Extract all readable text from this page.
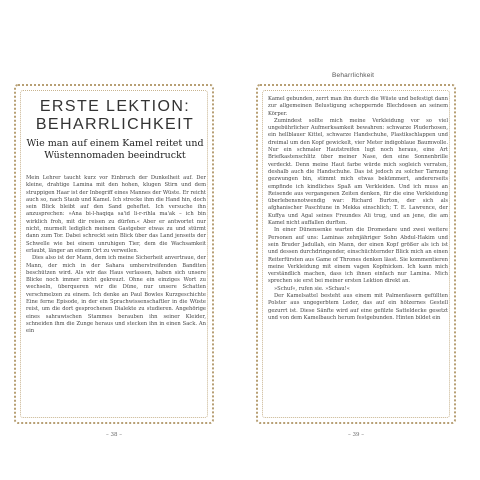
ERSTE LEKTION:
BEHARRLICHKEIT
Wie man auf einem Kamel reitet und Wüstennomaden beeindruckt

Mein Lehrer taucht kurz vor Einbruch der Dunkelheit auf. Der kleine, drahtige Lamina mit den hohen, klugen Stirn und dem struppigen Haar ist der Inbegriff eines Mannes der Wüste. Er reicht auch so, nach Staub und Kamel. Ich strecke ihm die Hand hin, doch sein Blick bleibt auf den Sand geheftet. Ich versuche ihn anzusprechen: »Ana bi-l-haqiqa sa'id li-r-rihla ma'ak – ich bin wirklich froh, mit dir reisen zu dürfen.« Aber er antwortet nur nicht, murmelt lediglich meinem Gastgeber etwas zu und stürmt dann zum Tor. Dabei schreckt sein Blick über das Land jenseits der Schwelle wie bei einem unruhigen Tier, dem die Wachsamkeit erlaubt, länger an einem Ort zu verweilen.

Dies also ist der Mann, dem ich meine Sicherheit anvertraue, der Mann, der mich in der Sahara umherstreifenden Banditen beschützen wird. Als wir das Haus verlassen, haben sich unsere Blicke noch immer nicht gekreuzt. Ohne ein einziges Wort zu wechseln, überqueren wir die Düne, nur unsere Schatten verschmelzen zu einem. Ich denke an Paul Bowles Kurzgeschichte Eine ferne Episode, in der ein Sprachwissenschaftler in die Wüste reist, um die dort gesprochenen Dialekte zu studieren. Angehörige eines sahrawischen Stammes berauben ihn seiner Kleider, schneiden ihm die Zunge heraus und stecken ihn in einen Sack. An ein

– 38 –
Beharrlichkeit

Kamel gebunden, zerrt man ihn durch die Wüste und befestigt dann zur allgemeinen Belustigung scheppernde Blechdosen an seinem Körper.

Zumindest sollte mich meine Verkleidung vor so viel ungebührlicher Aufmerksamkeit bewahren: schwarze Pluderhosen, ein hellblauer Kittel, schwarze Handschuhe, Plastikschlappen und dreimal um den Kopf gewickelt, vier Meter indigoblaue Baumwolle. Nur ein schmaler Hautstreifen lugt noch heraus, eine Art Briefkastenschlitz über meiner Nase, den eine Sonnenbrille verdeckt. Denn meine Haut farbe würde mich sogleich verraten, deshalb auch die Handschuhe. Das ist jedoch zu solcher Tarnung gezwungen bin, stimmt mich etwas bekümmert, andererseits empfinde ich kindliches Spaß am Verkleiden. Und ich muss an Reisende aus vergangenen Zeiten denken, für die eine Verkleidung überlebensnotwendig war: Richard Burton, der sich als afghanischer Paschtune in Mekka einschlich; T. E. Lawrence, der Kuffya und Agal seines Freundes Ali trug, und an jene, die am Kamel nicht auffallen durften.

In einer Dünensenke warten die Dromedare und zwei weitere Personen auf uns: Laminas zehnjähriger Sohn Abdul-Hakim und sein Bruder Jadullah, ein Mann, der einen Kopf größer als ich ist und dessen durchdringender, einschüchternder Blick mich an einen Reiterfürsten aus Game of Thrones denken lässt. Sie kommentieren meine Verkleidung mit einem vagen Kopfnicken. Ich kann mich verständlich machen, dass ich ihnen einfach nur Lamina. Mich sprechen sie erst bei meiner ersten Lektion direkt an.

»Schuf«, rufen sie. »Schau!«

Der Kamelsattel besteht aus einem mit Palmenfasern gefüllten Polster aus ungegerbtem Leder, das auf ein hölzernes Gestell gezurrt ist. Diese Sänfte wird auf eine gefilzte Satteldecke gesetzt und von dem Kamelbauch herum festgebunden. Hinten bildet ein

– 39 –
